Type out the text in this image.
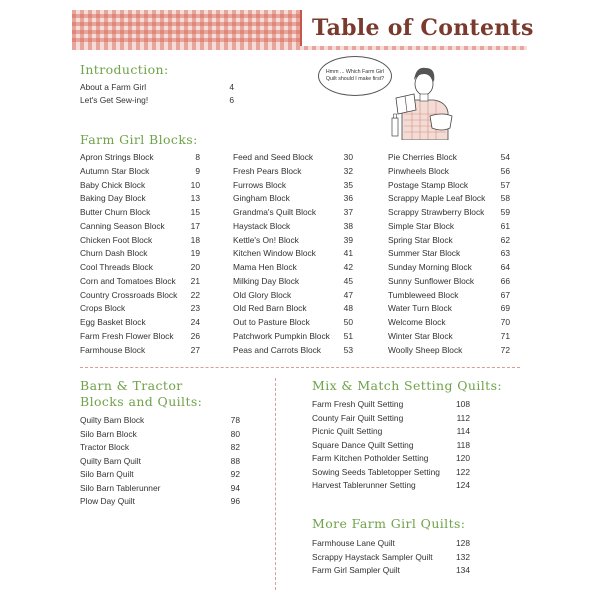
Table of Contents
Hmm ... Which Farm Girl Quilt should I make first?
Introduction:
About a Farm Girl	4
Let's Get Sew-ing!	6
Farm Girl Blocks:
Apron Strings Block	8
Autumn Star Block	9
Baby Chick Block	10
Baking Day Block	13
Butter Churn Block	15
Canning Season Block	17
Chicken Foot Block	18
Churn Dash Block	19
Cool Threads Block	20
Corn and Tomatoes Block	21
Country Crossroads Block	22
Crops Block	23
Egg Basket Block	24
Farm Fresh Flower Block	26
Farmhouse Block	27
Feed and Seed Block	30
Fresh Pears Block	32
Furrows Block	35
Gingham Block	36
Grandma's Quilt Block	37
Haystack Block	38
Kettle's On! Block	39
Kitchen Window Block	41
Mama Hen Block	42
Milking Day Block	45
Old Glory Block	47
Old Red Barn Block	48
Out to Pasture Block	50
Patchwork Pumpkin Block	51
Peas and Carrots Block	53
Pie Cherries Block	54
Pinwheels Block	56
Postage Stamp Block	57
Scrappy Maple Leaf Block	58
Scrappy Strawberry Block	59
Simple Star Block	61
Spring Star Block	62
Summer Star Block	63
Sunday Morning Block	64
Sunny Sunflower Block	66
Tumbleweed Block	67
Water Turn Block	69
Welcome Block	70
Winter Star Block	71
Woolly Sheep Block	72
Barn & Tractor
Blocks and Quilts:
Quilty Barn Block	78
Silo Barn Block	80
Tractor Block	82
Quilty Barn Quilt	88
Silo Barn Quilt	92
Silo Barn Tablerunner	94
Plow Day Quilt	96
Mix & Match Setting Quilts:
Farm Fresh Quilt Setting	108
County Fair Quilt Setting	112
Picnic Quilt Setting	114
Square Dance Quilt Setting	118
Farm Kitchen Potholder Setting	120
Sowing Seeds Tabletopper Setting	122
Harvest Tablerunner Setting	124
More Farm Girl Quilts:
Farmhouse Lane Quilt	128
Scrappy Haystack Sampler Quilt	132
Farm Girl Sampler Quilt	134
